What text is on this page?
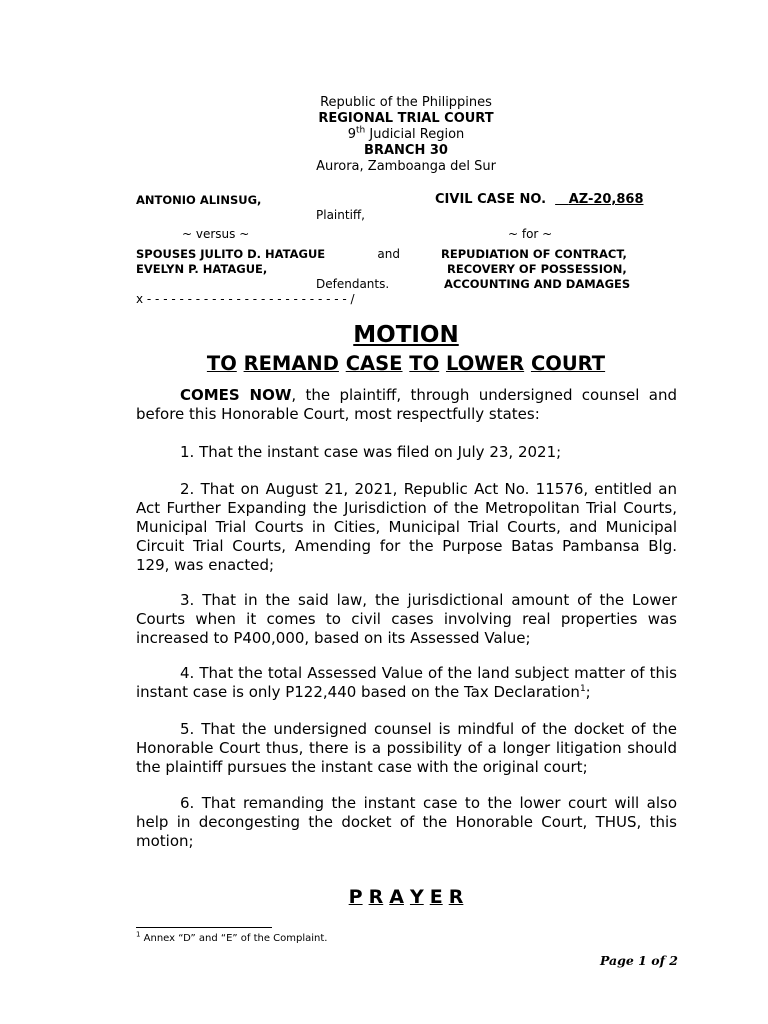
Republic of the Philippines
REGIONAL TRIAL COURT
9th Judicial Region
BRANCH 30
Aurora, Zamboanga del Sur
ANTONIO ALINSUG,
Plaintiff,
~ versus ~
SPOUSES JULITO D. HATAGUE	and
EVELYN P. HATAGUE,
Defendants.
x - - - - - - - - - - - - - - - - - - - - - - - - - /
CIVIL CASE NO. AZ-20,868
~ for ~
REPUDIATION OF CONTRACT,
RECOVERY OF POSSESSION,
ACCOUNTING AND DAMAGES
MOTION
TO REMAND CASE TO LOWER COURT
COMES NOW, the plaintiff, through undersigned counsel and before this Honorable Court, most respectfully states:
1. That the instant case was filed on July 23, 2021;
2. That on August 21, 2021, Republic Act No. 11576, entitled an Act Further Expanding the Jurisdiction of the Metropolitan Trial Courts, Municipal Trial Courts in Cities, Municipal Trial Courts, and Municipal Circuit Trial Courts, Amending for the Purpose Batas Pambansa Blg. 129, was enacted;
3. That in the said law, the jurisdictional amount of the Lower Courts when it comes to civil cases involving real properties was increased to P400,000, based on its Assessed Value;
4. That the total Assessed Value of the land subject matter of this instant case is only P122,440 based on the Tax Declaration$^1$;
5. That the undersigned counsel is mindful of the docket of the Honorable Court thus, there is a possibility of a longer litigation should the plaintiff pursues the instant case with the original court;
6. That remanding the instant case to the lower court will also help in decongesting the docket of the Honorable Court, THUS, this motion;
P R A Y E R
$^1$ Annex “D” and “E” of the Complaint.
Page 1 of 2
